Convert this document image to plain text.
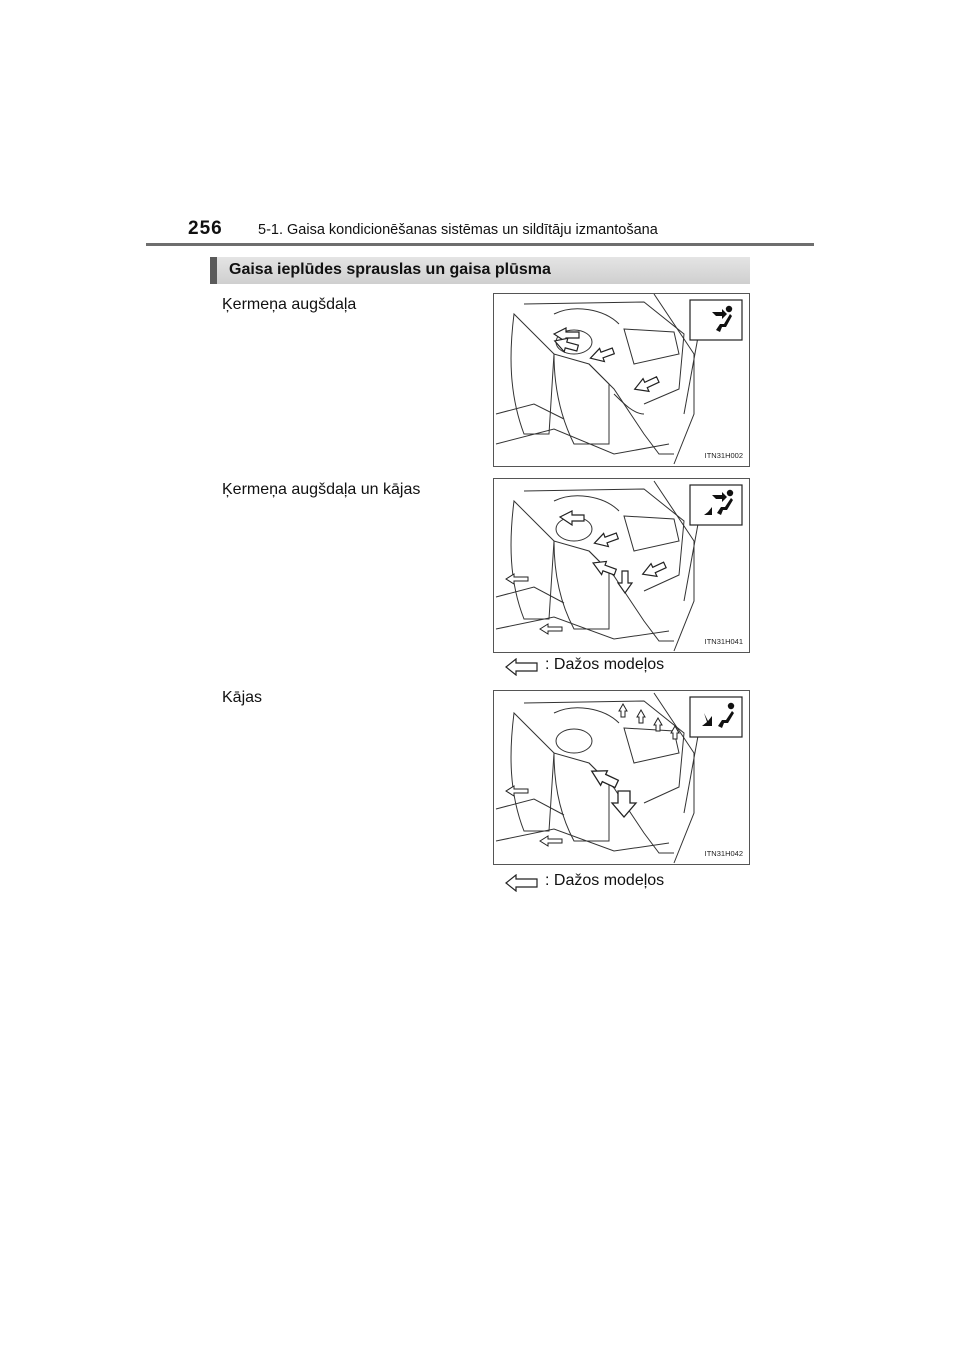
256 5-1. Gaisa kondicionēšanas sistēmas un sildītāju izmantošana
Gaisa ieplūdes sprauslas un gaisa plūsma
Ķermeņa augšdaļa
ITN31H002
Ķermeņa augšdaļa un kājas
ITN31H041
: Dažos modeļos
Kājas
ITN31H042
: Dažos modeļos
